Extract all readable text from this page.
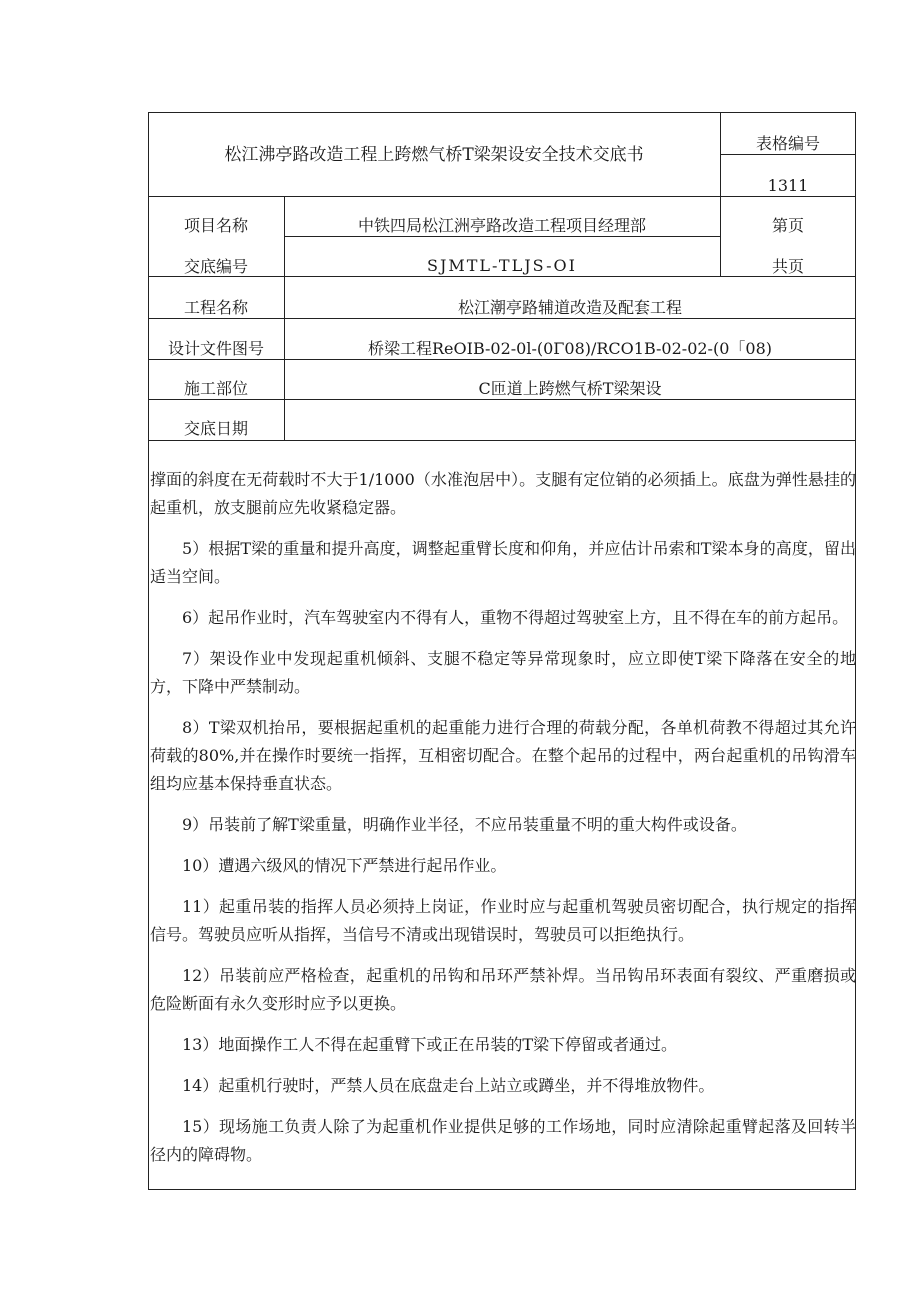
松江沸亭路改造工程上跨燃气桥T梁架设安全技术交底书
表格编号
1311
项目名称	中铁四局松江洲亭路改造工程项目经理部	第页
交底编号	SJMTL-TLJS-OI	共页
工程名称	松江潮亭路辅道改造及配套工程
设计文件图号	桥梁工程ReOIB-02-0l-(0Γ08)/RCO1B-02-02-(0「08)
施工部位	C匝道上跨燃气桥T梁架设
交底日期

撑面的斜度在无荷载时不大于1/1000（水准泡居中）。支腿有定位销的必须插上。底盘为弹性悬挂的起重机，放支腿前应先收紧稳定器。

5）根据T梁的重量和提升高度，调整起重臂长度和仰角，并应估计吊索和T梁本身的高度，留出适当空间。

6）起吊作业时，汽车驾驶室内不得有人，重物不得超过驾驶室上方，且不得在车的前方起吊。

7）架设作业中发现起重机倾斜、支腿不稳定等异常现象时，应立即使T梁下降落在安全的地方，下降中严禁制动。

8）T梁双机抬吊，要根据起重机的起重能力进行合理的荷载分配，各单机荷教不得超过其允许荷载的80%,并在操作时要统一指挥，互相密切配合。在整个起吊的过程中，两台起重机的吊钩滑车组均应基本保持垂直状态。

9）吊装前了解T梁重量，明确作业半径，不应吊装重量不明的重大构件或设备。

10）遭遇六级风的情况下严禁进行起吊作业。

11）起重吊装的指挥人员必须持上岗证，作业时应与起重机驾驶员密切配合，执行规定的指挥信号。驾驶员应听从指挥，当信号不清或出现错误时，驾驶员可以拒绝执行。

12）吊装前应严格检查，起重机的吊钩和吊环严禁补焊。当吊钩吊环表面有裂纹、严重磨损或危险断面有永久变形时应予以更换。

13）地面操作工人不得在起重臂下或正在吊装的T梁下停留或者通过。

14）起重机行驶时，严禁人员在底盘走台上站立或蹲坐，并不得堆放物件。

15）现场施工负责人除了为起重机作业提供足够的工作场地，同时应清除起重臂起落及回转半径内的障碍物。
